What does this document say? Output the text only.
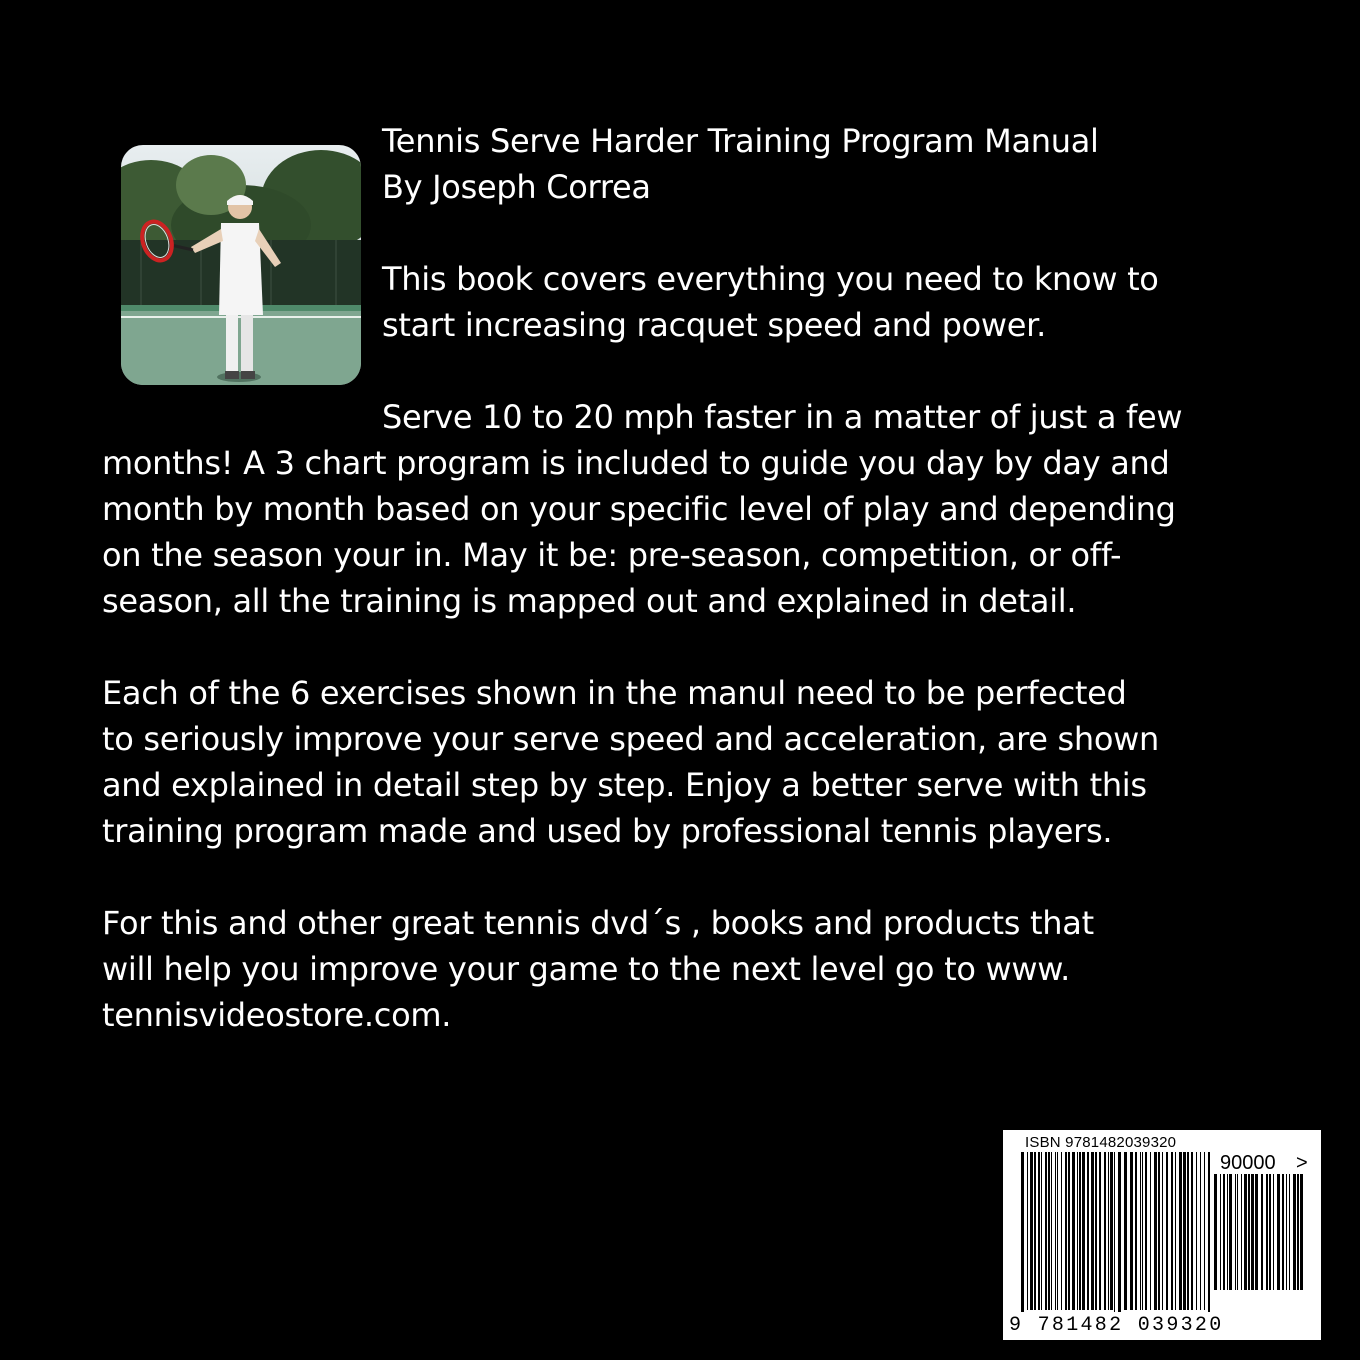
Tennis Serve Harder Training Program Manual
By Joseph Correa
This book covers everything you need to know to
start increasing racquet speed and power.
Serve 10 to 20 mph faster in a matter of just a few
months! A 3 chart program is included to guide you day by day and
month by month based on your specific level of play and depending
on the season your in. May it be: pre-season, competition, or off-
season, all the training is mapped out and explained in detail.
Each of the 6 exercises shown in the manul need to be perfected
to seriously improve your serve speed and acceleration, are shown
and explained in detail step by step. Enjoy a better serve with this
training program made and used by professional tennis players.
For this and other great tennis dvd´s , books and products that
will help you improve your game to the next level go to www.
tennisvideostore.com.
ISBN 9781482039320
90000 >
9 781482 039320
